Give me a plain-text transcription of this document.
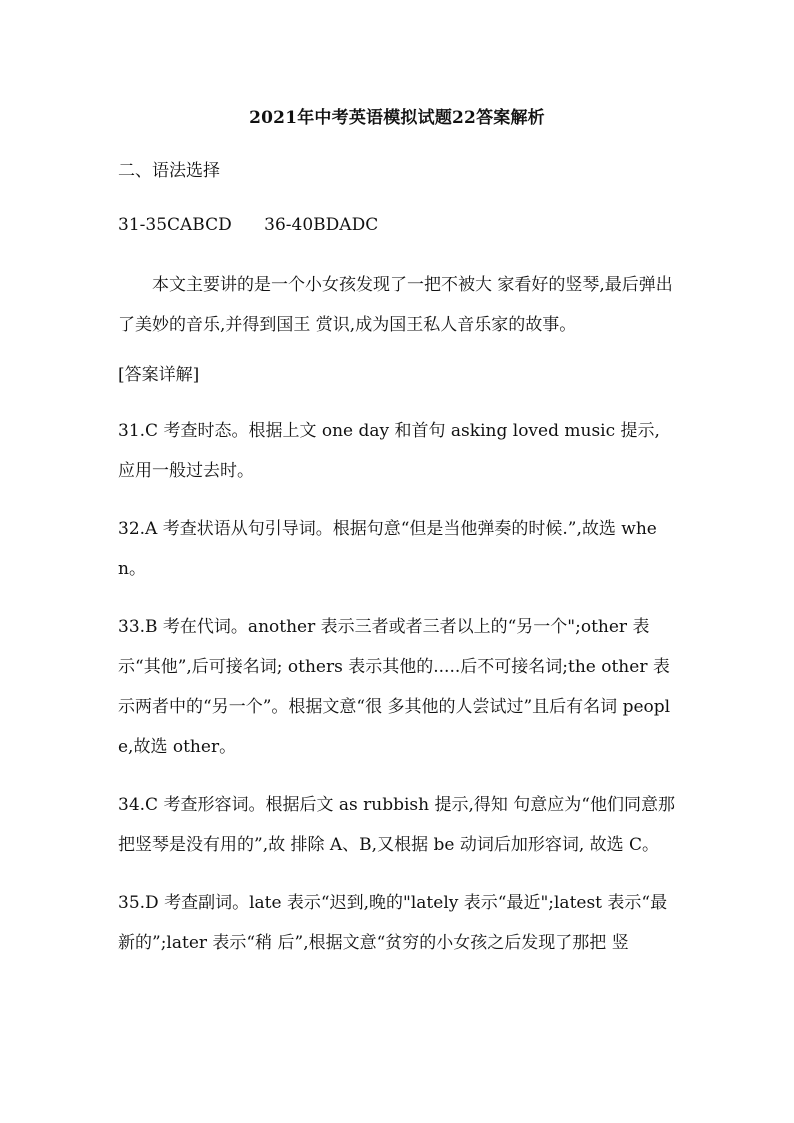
2021年中考英语模拟试题22答案解析
二、语法选择
31-35CABCD      36-40BDADC
本文主要讲的是一个小女孩发现了一把不被大 家看好的竖琴,最后弹出了美妙的音乐,并得到国王 赏识,成为国王私人音乐家的故事。
[答案详解]
31.C 考查时态。根据上文 one day 和首句 asking loved music 提示,应用一般过去时。
32.A 考查状语从句引导词。根据句意“但是当他弹奏的时候.”,故选 when。
33.B 考在代词。another 表示三者或者三者以上的“另一个";other 表示“其他”,后可接名词; others 表示其他的.....后不可接名词;the other 表示两者中的“另一个”。根据文意“很 多其他的人尝试过”且后有名词 people,故选 other。
34.C 考查形容词。根据后文 as rubbish 提示,得知 句意应为“他们同意那把竖琴是没有用的”,故 排除 A、B,又根据 be 动词后加形容词, 故选 C。
35.D 考查副词。late 表示“迟到,晚的"lately 表示“最近";latest 表示“最新的”;later 表示“稍 后”,根据文意“贫穷的小女孩之后发现了那把 竖
